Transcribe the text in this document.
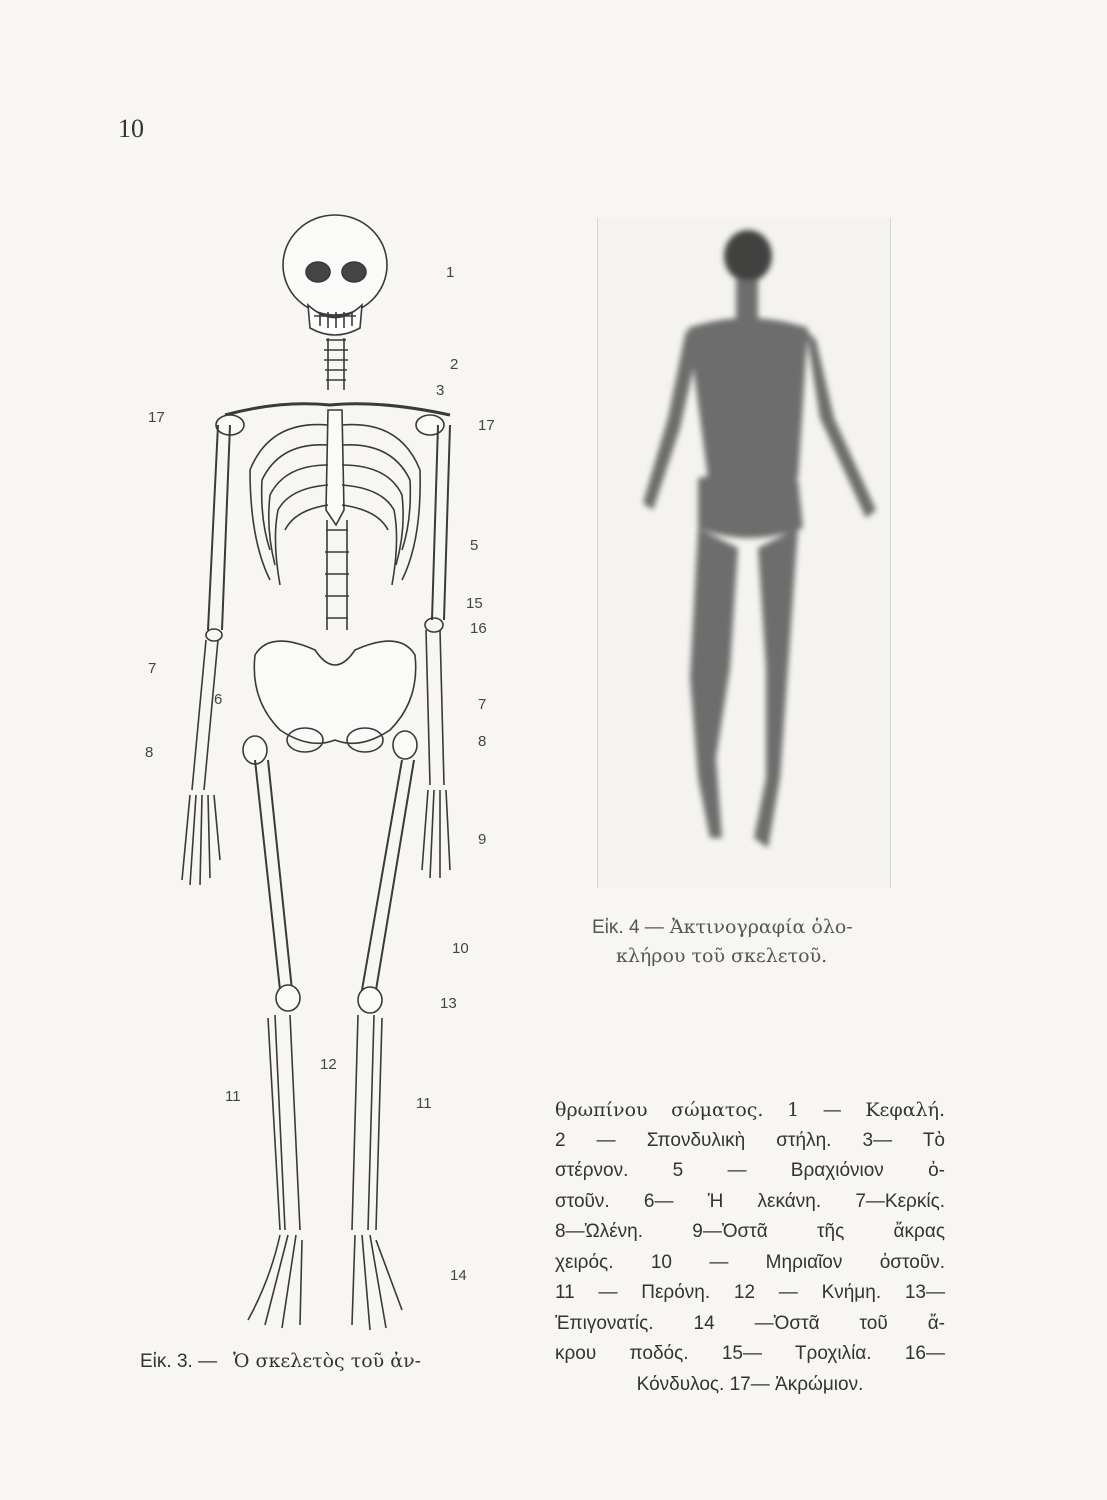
10
1
2
3
17	17
5
15
16
7
6	7
8
8
9
10
13
12
11	11
14
Εἰκ. 4 — Ἀκτινογραφία ὁλο-
κλήρου τοῦ σκελετοῦ.
θρωπίνου σώματος. 1 — Κεφαλή.
2 — Σπονδυλικὴ στήλη. 3— Τὸ
στέρνον. 5 — Βραχιόνιον ὀ-
στοῦν. 6— Ἡ λεκάνη. 7—Κερκίς.
8—Ὠλένη. 9—Ὀστᾶ τῆς ἄκρας
χειρός. 10 — Μηριαῖον ὀστοῦν.
11 — Περόνη. 12 — Κνήμη. 13—
Ἐπιγονατίς. 14 —Ὀστᾶ τοῦ ἄ-
κρου ποδός. 15— Τροχιλία. 16—
Κόνδυλος. 17— Ἀκρώμιον.
Εἰκ. 3. — Ὁ σκελετὸς τοῦ ἀν-
